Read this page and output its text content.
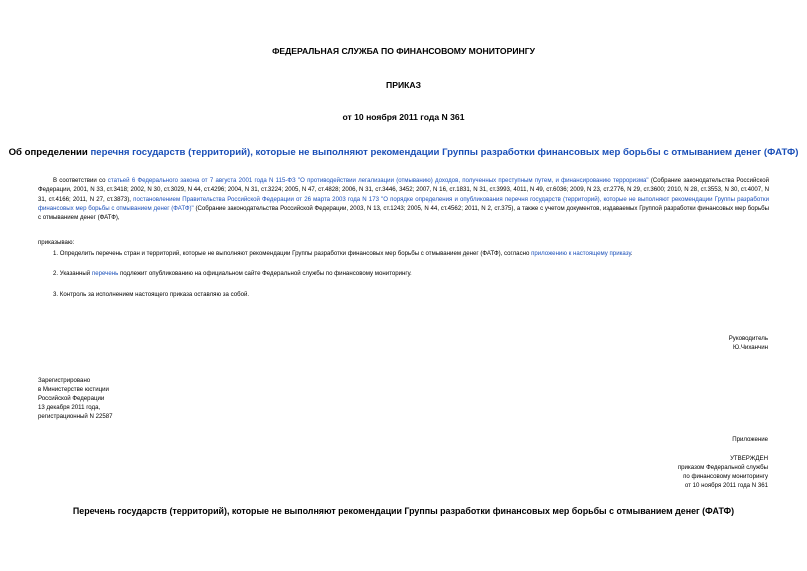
ФЕДЕРАЛЬНАЯ СЛУЖБА ПО ФИНАНСОВОМУ МОНИТОРИНГУ
ПРИКАЗ
от 10 ноября 2011 года N 361
Об определении перечня государств (территорий), которые не выполняют рекомендации Группы разработки финансовых мер борьбы с отмыванием денег (ФАТФ)
В соответствии со статьей 6 Федерального закона от 7 августа 2001 года N 115-ФЗ "О противодействии легализации (отмыванию) доходов, полученных преступным путем, и финансированию терроризма" (Собрание законодательства Российской Федерации, 2001, N 33, ст.3418; 2002, N 30, ст.3029, N 44, ст.4296; 2004, N 31, ст.3224; 2005, N 47, ст.4828; 2006, N 31, ст.3446, 3452; 2007, N 16, ст.1831, N 31, ст.3993, 4011, N 49, ст.6036; 2009, N 23, ст.2776, N 29, ст.3600; 2010, N 28, ст.3553, N 30, ст.4007, N 31, ст.4166; 2011, N 27, ст.3873), постановлением Правительства Российской Федерации от 26 марта 2003 года N 173 "О порядке определения и опубликования перечня государств (территорий), которые не выполняют рекомендации Группы разработки финансовых мер борьбы с отмыванием денег (ФАТФ)" (Собрание законодательства Российской Федерации, 2003, N 13, ст.1243; 2005, N 44, ст.4562; 2011, N 2, ст.375), а также с учетом документов, издаваемых Группой разработки финансовых мер борьбы с отмыванием денег (ФАТФ),
приказываю:
1. Определить перечень стран и территорий, которые не выполняют рекомендации Группы разработки финансовых мер борьбы с отмыванием денег (ФАТФ), согласно приложению к настоящему приказу.
2. Указанный перечень подлежит опубликованию на официальном сайте Федеральной службы по финансовому мониторингу.
3. Контроль за исполнением настоящего приказа оставляю за собой.
Руководитель
Ю.Чиханчин
Зарегистрировано
в Министерстве юстиции
Российской Федерации
13 декабря 2011 года,
регистрационный N 22587
Приложение
УТВЕРЖДЕН
приказом Федеральной службы
по финансовому мониторингу
от 10 ноября 2011 года N 361
Перечень государств (территорий), которые не выполняют рекомендации Группы разработки финансовых мер борьбы с отмыванием денег (ФАТФ)
